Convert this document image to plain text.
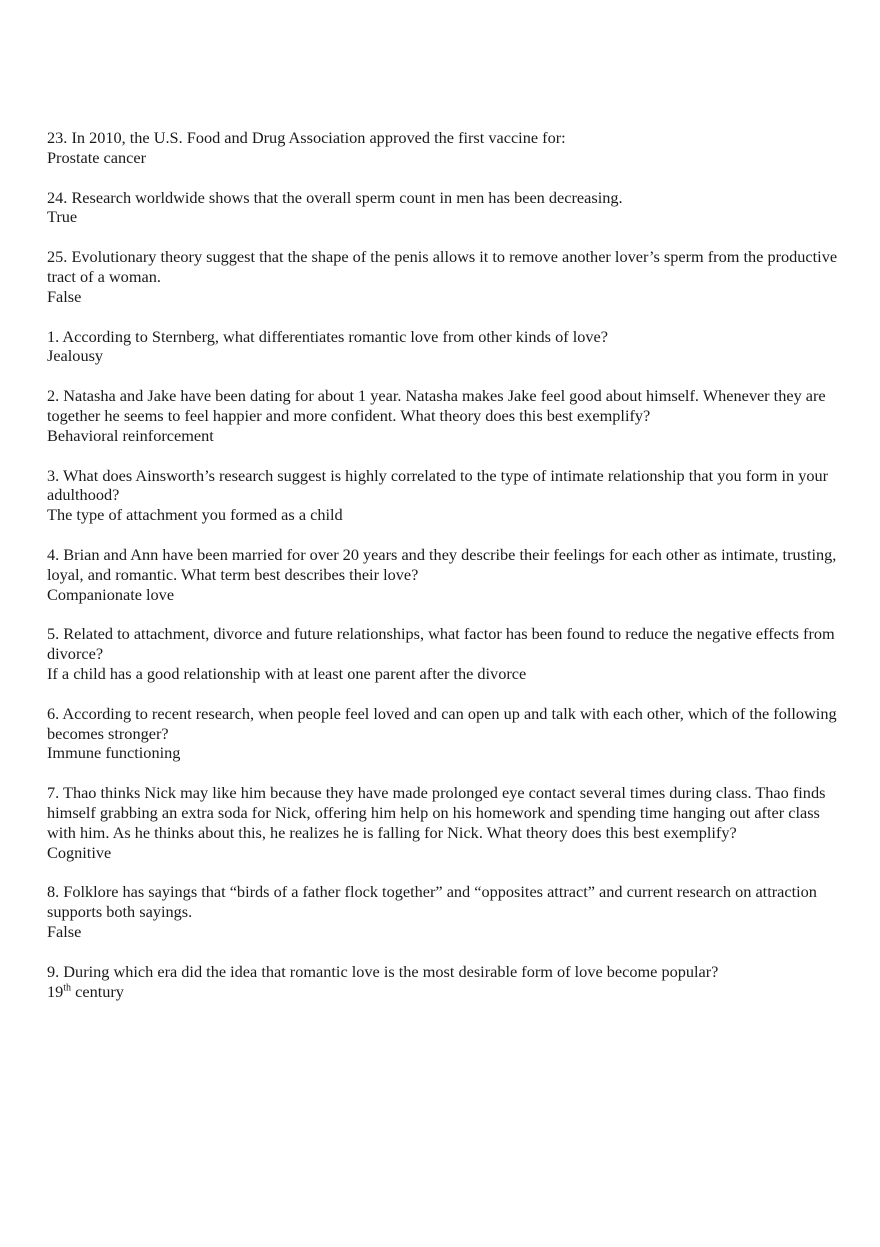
23. In 2010, the U.S. Food and Drug Association approved the first vaccine for:

Prostate cancer

24. Research worldwide shows that the overall sperm count in men has been decreasing.

True

25. Evolutionary theory suggest that the shape of the penis allows it to remove another lover’s sperm from the productive tract of a woman.

False

1. According to Sternberg, what differentiates romantic love from other kinds of love?

Jealousy

2. Natasha and Jake have been dating for about 1 year. Natasha makes Jake feel good about himself. Whenever they are together he seems to feel happier and more confident. What theory does this best exemplify?

Behavioral reinforcement

3. What does Ainsworth’s research suggest is highly correlated to the type of intimate relationship that you form in your adulthood?

The type of attachment you formed as a child

4. Brian and Ann have been married for over 20 years and they describe their feelings for each other as intimate, trusting, loyal, and romantic. What term best describes their love?

Companionate love

5. Related to attachment, divorce and future relationships, what factor has been found to reduce the negative effects from divorce?

If a child has a good relationship with at least one parent after the divorce

6. According to recent research, when people feel loved and can open up and talk with each other, which of the following becomes stronger?

Immune functioning

7. Thao thinks Nick may like him because they have made prolonged eye contact several times during class. Thao finds himself grabbing an extra soda for Nick, offering him help on his homework and spending time hanging out after class with him. As he thinks about this, he realizes he is falling for Nick. What theory does this best exemplify?

Cognitive

8. Folklore has sayings that “birds of a father flock together” and “opposites attract” and current research on attraction supports both sayings.

False

9. During which era did the idea that romantic love is the most desirable form of love become popular?

19th century
